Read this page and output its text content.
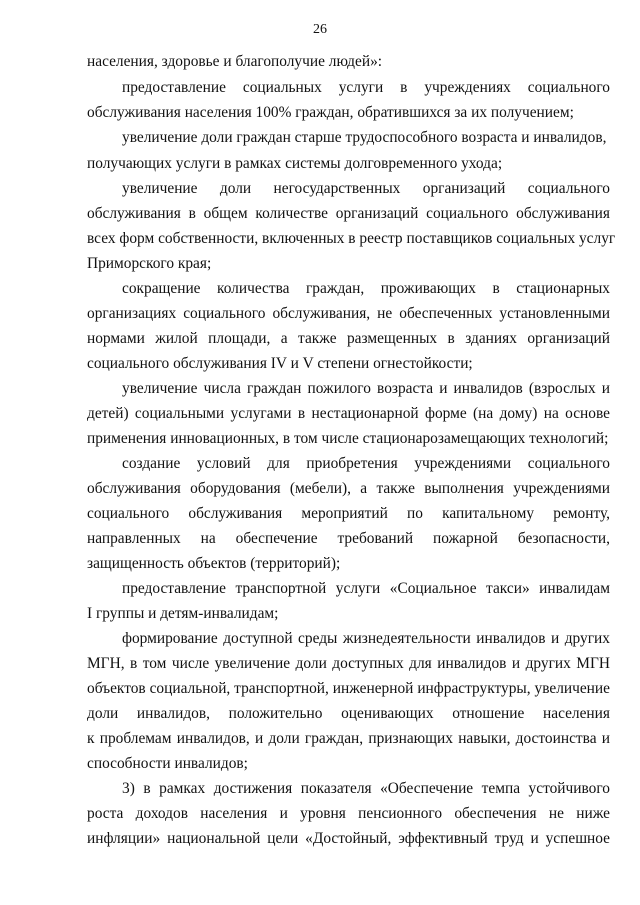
26
населения, здоровье и благополучие людей»:
предоставление социальных услуги в учреждениях социального
обслуживания населения 100% граждан, обратившихся за их получением;
увеличение доли граждан старше трудоспособного возраста и инвалидов,
получающих услуги в рамках системы долговременного ухода;
увеличение доли негосударственных организаций социального
обслуживания в общем количестве организаций социального обслуживания
всех форм собственности, включенных в реестр поставщиков социальных услуг
Приморского края;
сокращение количества граждан, проживающих в стационарных
организациях социального обслуживания, не обеспеченных установленными
нормами жилой площади, а также размещенных в зданиях организаций
социального обслуживания IV и V степени огнестойкости;
увеличение числа граждан пожилого возраста и инвалидов (взрослых и
детей) социальными услугами в нестационарной форме (на дому) на основе
применения инновационных, в том числе стационарозамещающих технологий;
создание условий для приобретения учреждениями социального
обслуживания оборудования (мебели), а также выполнения учреждениями
социального обслуживания мероприятий по капитальному ремонту,
направленных на обеспечение требований пожарной безопасности,
защищенность объектов (территорий);
предоставление транспортной услуги «Социальное такси» инвалидам
I группы и детям-инвалидам;
формирование доступной среды жизнедеятельности инвалидов и других
МГН, в том числе увеличение доли доступных для инвалидов и других МГН
объектов социальной, транспортной, инженерной инфраструктуры, увеличение
доли инвалидов, положительно оценивающих отношение населения
к проблемам инвалидов, и доли граждан, признающих навыки, достоинства и
способности инвалидов;
3) в рамках достижения показателя «Обеспечение темпа устойчивого
роста доходов населения и уровня пенсионного обеспечения не ниже
инфляции» национальной цели «Достойный, эффективный труд и успешное
